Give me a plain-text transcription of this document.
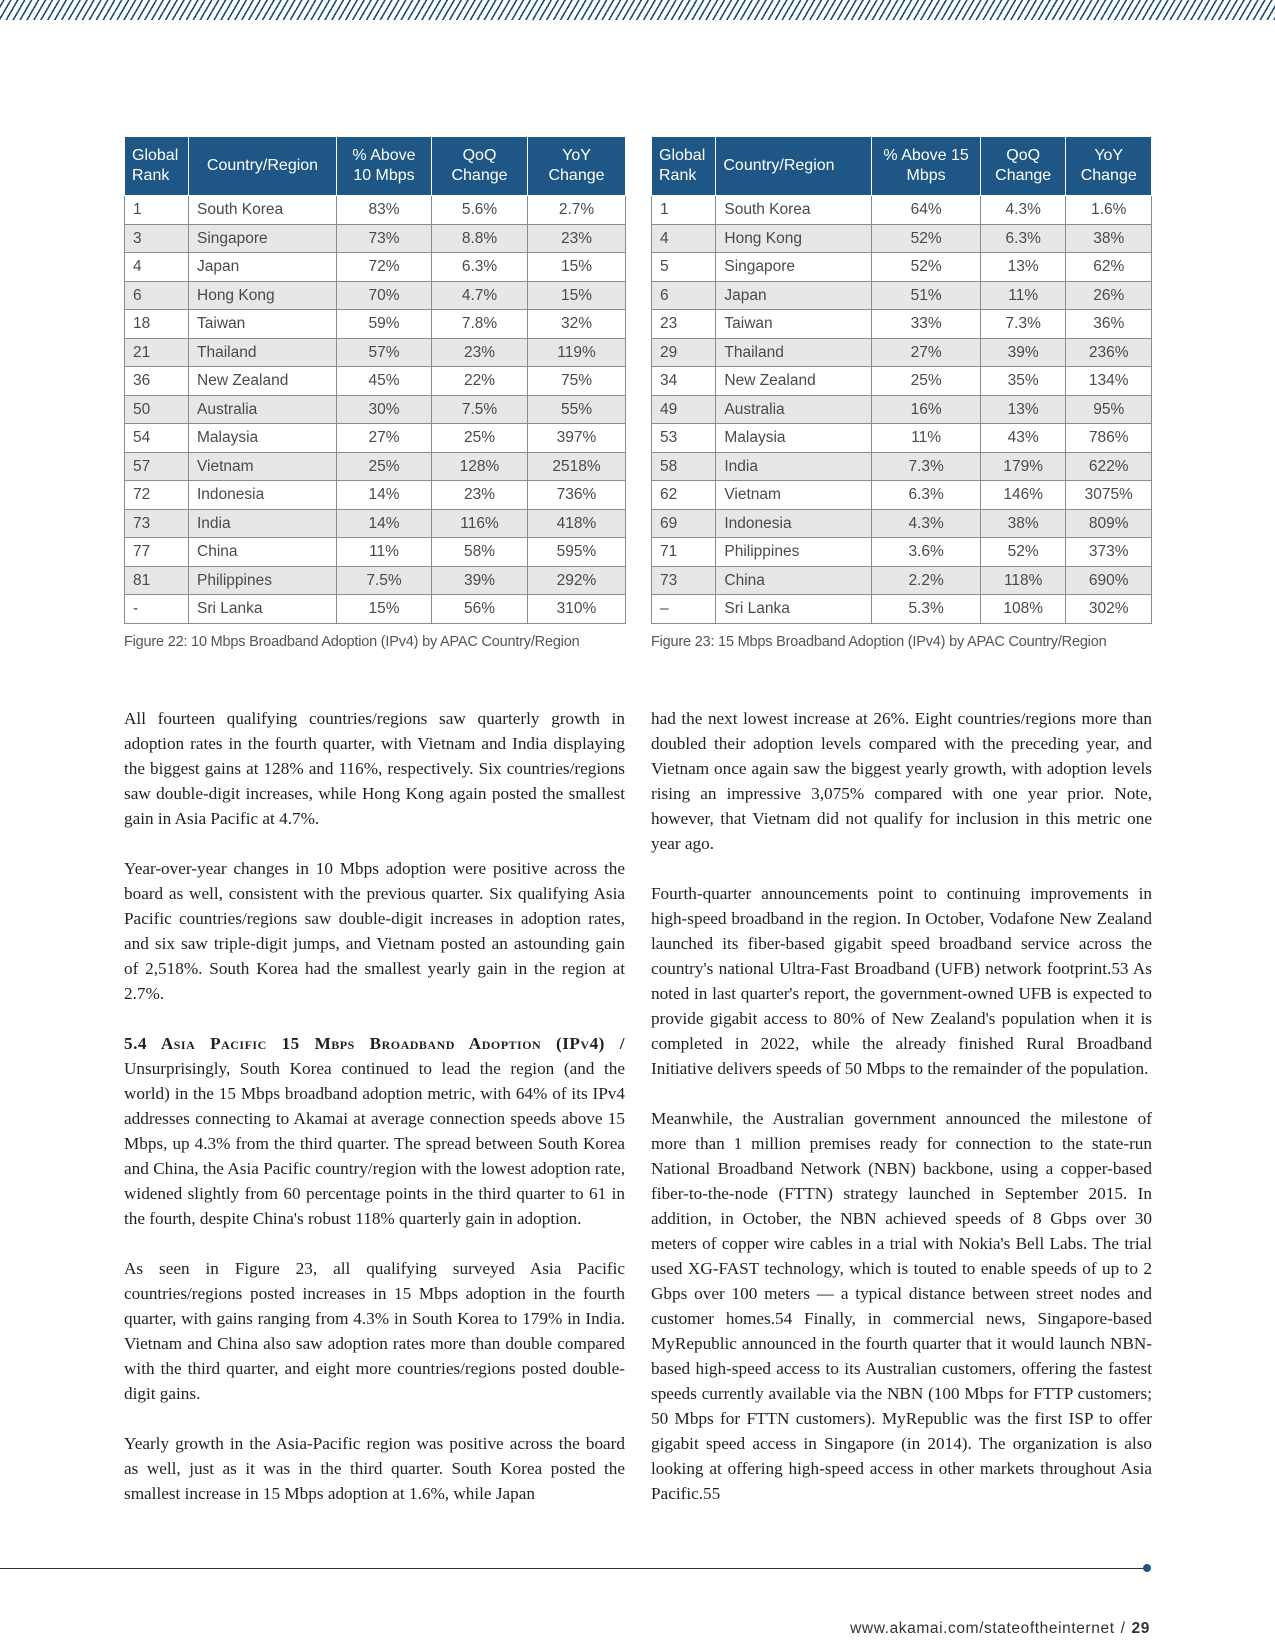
Global Rank	Country/Region	% Above 10 Mbps	QoQ Change	YoY Change
1	South Korea	83%	5.6%	2.7%
3	Singapore	73%	8.8%	23%
4	Japan	72%	6.3%	15%
6	Hong Kong	70%	4.7%	15%
18	Taiwan	59%	7.8%	32%
21	Thailand	57%	23%	119%
36	New Zealand	45%	22%	75%
50	Australia	30%	7.5%	55%
54	Malaysia	27%	25%	397%
57	Vietnam	25%	128%	2518%
72	Indonesia	14%	23%	736%
73	India	14%	116%	418%
77	China	11%	58%	595%
81	Philippines	7.5%	39%	292%
-	Sri Lanka	15%	56%	310%
Figure 22: 10 Mbps Broadband Adoption (IPv4) by APAC Country/Region
Global Rank	Country/Region	% Above 15 Mbps	QoQ Change	YoY Change
1	South Korea	64%	4.3%	1.6%
4	Hong Kong	52%	6.3%	38%
5	Singapore	52%	13%	62%
6	Japan	51%	11%	26%
23	Taiwan	33%	7.3%	36%
29	Thailand	27%	39%	236%
34	New Zealand	25%	35%	134%
49	Australia	16%	13%	95%
53	Malaysia	11%	43%	786%
58	India	7.3%	179%	622%
62	Vietnam	6.3%	146%	3075%
69	Indonesia	4.3%	38%	809%
71	Philippines	3.6%	52%	373%
73	China	2.2%	118%	690%
–	Sri Lanka	5.3%	108%	302%
Figure 23: 15 Mbps Broadband Adoption (IPv4) by APAC Country/Region

All fourteen qualifying countries/regions saw quarterly growth in adoption rates in the fourth quarter, with Vietnam and India displaying the biggest gains at 128% and 116%, respectively. Six countries/regions saw double-digit increases, while Hong Kong again posted the smallest gain in Asia Pacific at 4.7%.

Year-over-year changes in 10 Mbps adoption were positive across the board as well, consistent with the previous quarter. Six qualifying Asia Pacific countries/regions saw double-digit increases in adoption rates, and six saw triple-digit jumps, and Vietnam posted an astounding gain of 2,518%. South Korea had the smallest yearly gain in the region at 2.7%.

5.4 Asia Pacific 15 Mbps Broadband Adoption (IPv4) / Unsurprisingly, South Korea continued to lead the region (and the world) in the 15 Mbps broadband adoption metric, with 64% of its IPv4 addresses connecting to Akamai at average connection speeds above 15 Mbps, up 4.3% from the third quarter. The spread between South Korea and China, the Asia Pacific country/region with the lowest adoption rate, widened slightly from 60 percentage points in the third quarter to 61 in the fourth, despite China's robust 118% quarterly gain in adoption.

As seen in Figure 23, all qualifying surveyed Asia Pacific countries/regions posted increases in 15 Mbps adoption in the fourth quarter, with gains ranging from 4.3% in South Korea to 179% in India. Vietnam and China also saw adoption rates more than double compared with the third quarter, and eight more countries/regions posted double-digit gains.

Yearly growth in the Asia-Pacific region was positive across the board as well, just as it was in the third quarter. South Korea posted the smallest increase in 15 Mbps adoption at 1.6%, while Japan

had the next lowest increase at 26%. Eight countries/regions more than doubled their adoption levels compared with the preceding year, and Vietnam once again saw the biggest yearly growth, with adoption levels rising an impressive 3,075% compared with one year prior. Note, however, that Vietnam did not qualify for inclusion in this metric one year ago.

Fourth-quarter announcements point to continuing improvements in high-speed broadband in the region. In October, Vodafone New Zealand launched its fiber-based gigabit speed broadband service across the country's national Ultra-Fast Broadband (UFB) network footprint.53 As noted in last quarter's report, the government-owned UFB is expected to provide gigabit access to 80% of New Zealand's population when it is completed in 2022, while the already finished Rural Broadband Initiative delivers speeds of 50 Mbps to the remainder of the population.

Meanwhile, the Australian government announced the milestone of more than 1 million premises ready for connection to the state-run National Broadband Network (NBN) backbone, using a copper-based fiber-to-the-node (FTTN) strategy launched in September 2015. In addition, in October, the NBN achieved speeds of 8 Gbps over 30 meters of copper wire cables in a trial with Nokia's Bell Labs. The trial used XG-FAST technology, which is touted to enable speeds of up to 2 Gbps over 100 meters — a typical distance between street nodes and customer homes.54 Finally, in commercial news, Singapore-based MyRepublic announced in the fourth quarter that it would launch NBN-based high-speed access to its Australian customers, offering the fastest speeds currently available via the NBN (100 Mbps for FTTP customers; 50 Mbps for FTTN customers). MyRepublic was the first ISP to offer gigabit speed access in Singapore (in 2014). The organization is also looking at offering high-speed access in other markets throughout Asia Pacific.55

www.akamai.com/stateoftheinternet / 29
